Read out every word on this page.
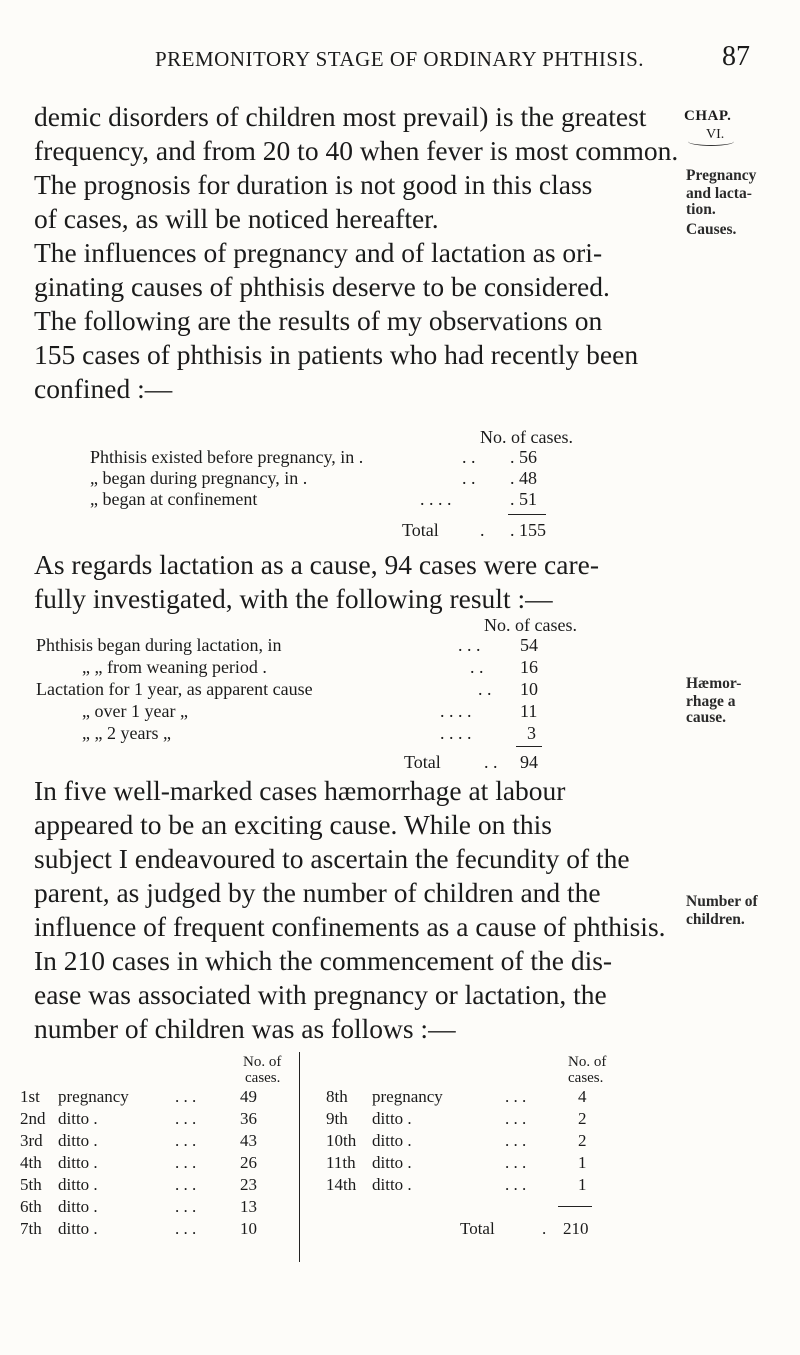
PREMONITORY STAGE OF ORDINARY PHTHISIS.	87
CHAP.
VI.
Pregnancy
and lacta-
tion.
Causes.
Hæmor-
rhage a
cause.
Number of
children.
demic disorders of children most prevail) is the greatest
frequency, and from 20 to 40 when fever is most common.
The prognosis for duration is not good in this class
of cases, as will be noticed hereafter.
The influences of pregnancy and of lactation as ori-
ginating causes of phthisis deserve to be considered.
The following are the results of my observations on
155 cases of phthisis in patients who had recently been
confined :—
No. of cases.
Phthisis existed before pregnancy, in .	. . . 56
„ began during pregnancy, in .	. . . 48
„ began at confinement	. . . .	. 51
Total . . 155
As regards lactation as a cause, 94 cases were care-
fully investigated, with the following result :—
No. of cases.
Phthisis began during lactation, in	. . . 54
„ „ from weaning period .	. . 16
Lactation for 1 year, as apparent cause	. . 10
„ over 1 year „	. . . .	11
„ „ 2 years „	. . . .	3
Total . . 94
In five well-marked cases hæmorrhage at labour
appeared to be an exciting cause. While on this
subject I endeavoured to ascertain the fecundity of the
parent, as judged by the number of children and the
influence of frequent confinements as a cause of phthisis.
In 210 cases in which the commencement of the dis-
ease was associated with pregnancy or lactation, the
number of children was as follows :—
No. of
cases.
No. of
cases.
1st pregnancy	. . .	49
2nd ditto .	. . .	36
3rd ditto .	. . .	43
4th ditto .	. . .	26
5th ditto .	. . .	23
6th ditto .	. . .	13
7th ditto .	. . .	10
8th pregnancy	. . .	4
9th ditto .	. . .	2
10th ditto .	. . .	2
11th ditto .	. . .	1
14th ditto .	. . .	1
Total	. 210
